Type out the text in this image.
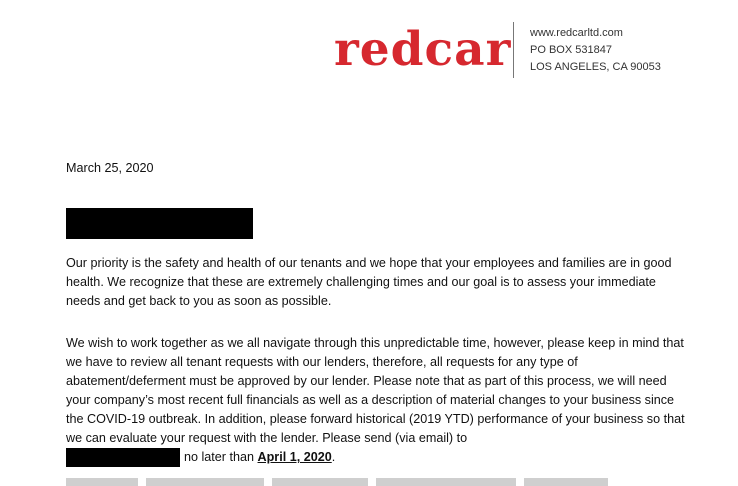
redcar www.redcarltd.com
PO BOX 531847
LOS ANGELES, CA 90053
March 25, 2020
Our priority is the safety and health of our tenants and we hope that your employees and families are in good health. We recognize that these are extremely challenging times and our goal is to assess your immediate needs and get back to you as soon as possible.
We wish to work together as we all navigate through this unpredictable time, however, please keep in mind that we have to review all tenant requests with our lenders, therefore, all requests for any type of abatement/deferment must be approved by our lender. Please note that as part of this process, we will need your company’s most recent full financials as well as a description of material changes to your business since the COVID-19 outbreak. In addition, please forward historical (2019 YTD) performance of your business so that we can evaluate your request with the lender. Please send (via email) to
no later than April 1, 2020.
